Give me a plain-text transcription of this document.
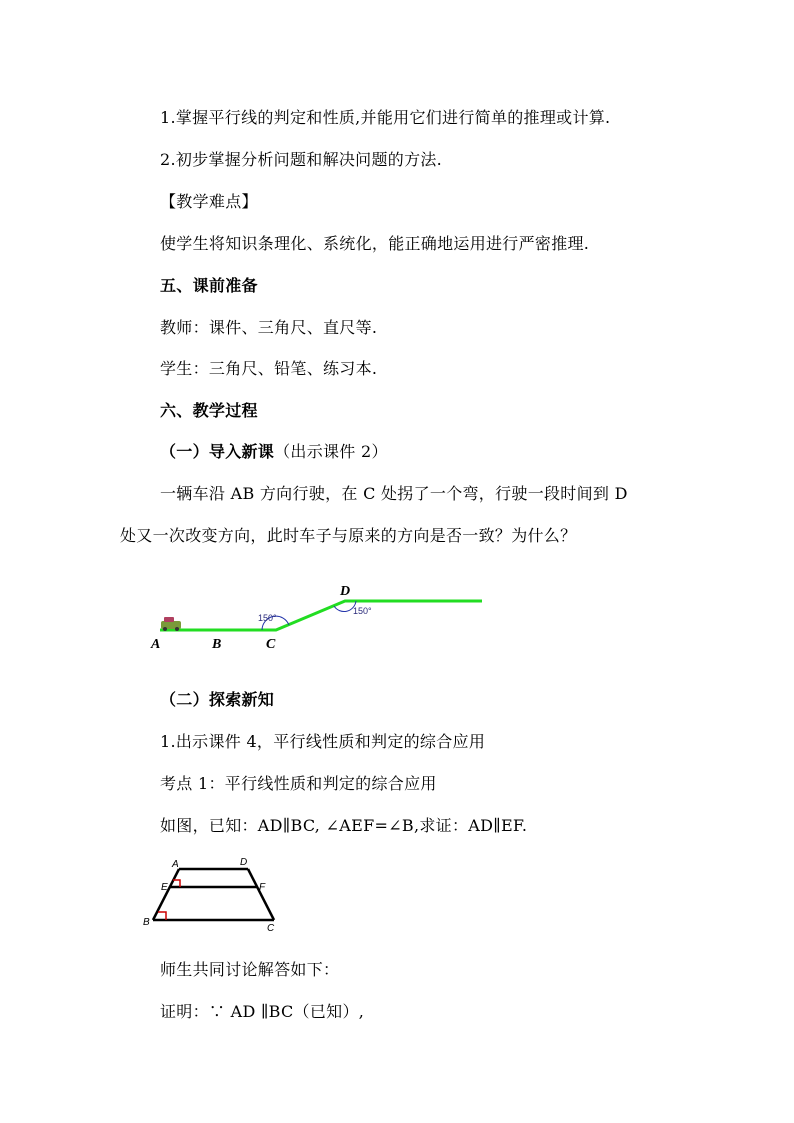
1.掌握平行线的判定和性质,并能用它们进行简单的推理或计算.
2.初步掌握分析问题和解决问题的方法.
【教学难点】
使学生将知识条理化、系统化，能正确地运用进行严密推理.
五、课前准备
教师：课件、三角尺、直尺等.
学生：三角尺、铅笔、练习本.
六、教学过程
（一）导入新课（出示课件 2）
一辆车沿 AB 方向行驶，在 C 处拐了一个弯，行驶一段时间到 D
处又一次改变方向，此时车子与原来的方向是否一致？为什么？
A	B	C
D
150°
150°
（二）探索新知
1.出示课件 4，平行线性质和判定的综合应用
考点 1：平行线性质和判定的综合应用
如图，已知：AD∥BC, ∠AEF=∠B,求证：AD∥EF.
A	D
E	F
B
C
师生共同讨论解答如下：
证明：∵ AD ∥BC（已知）,
